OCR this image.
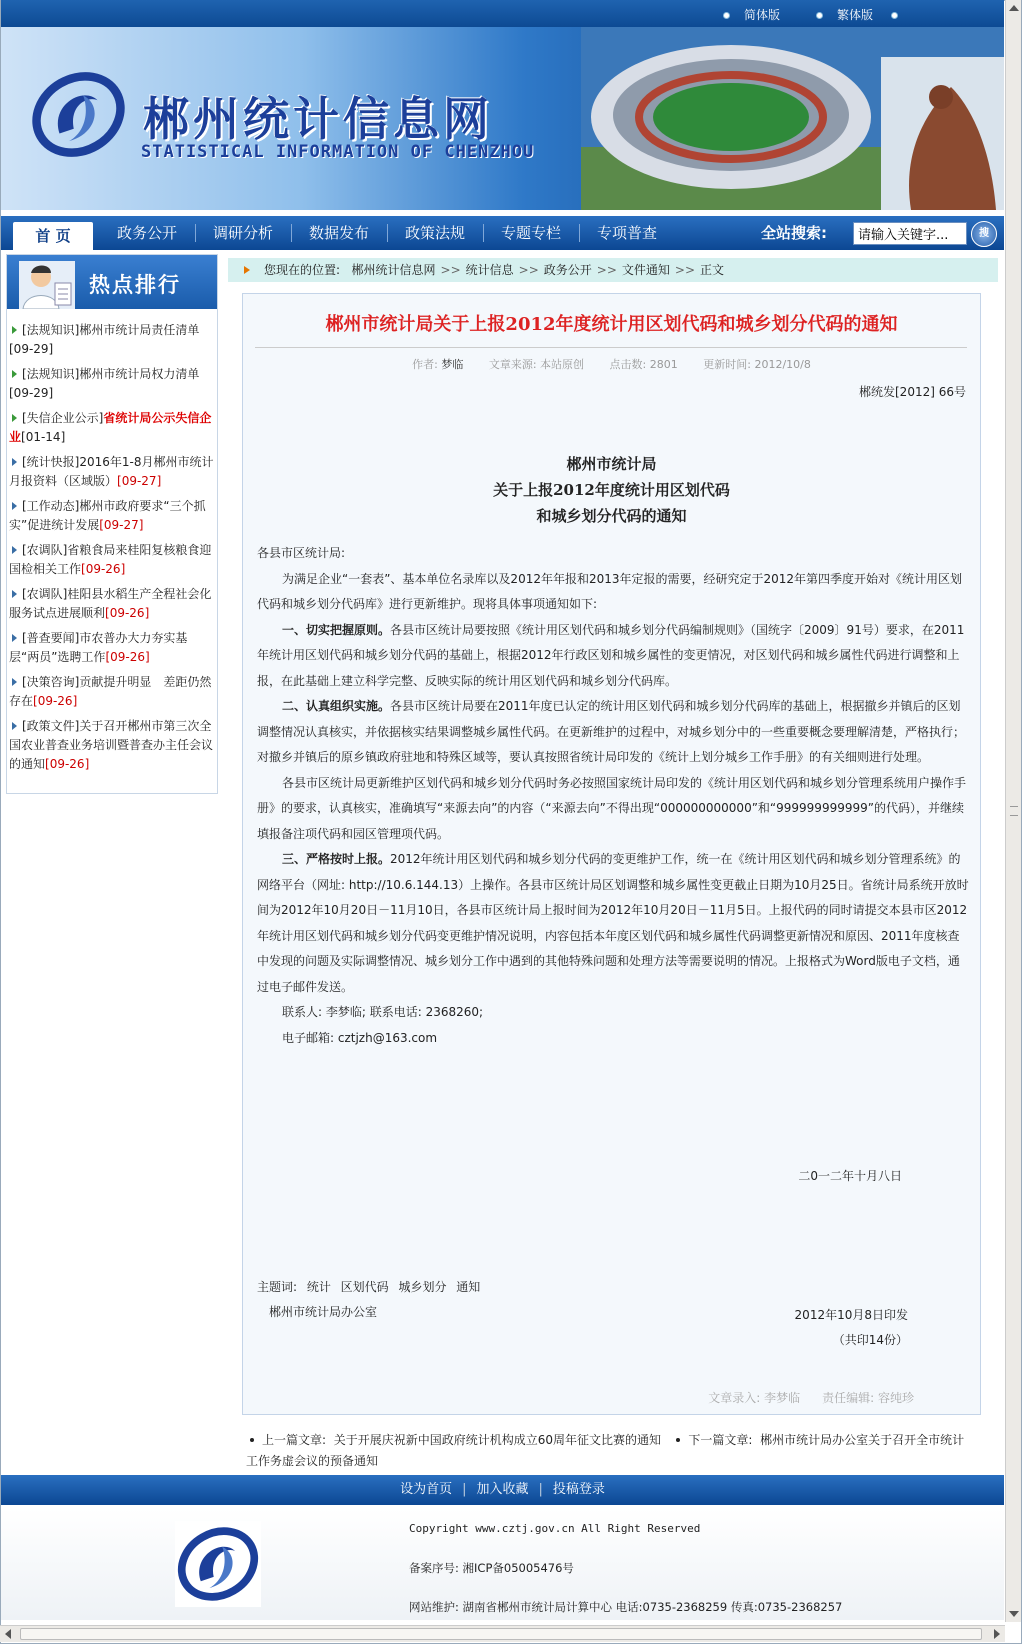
简体版	繁体版
郴州统计信息网
STATISTICAL INFORMATION OF CHENZHOU
首 页	政务公开	调研分析	数据发布	政策法规	专题专栏	专项普查	全站搜索:
请输入关键字...	搜
热点排行
[法规知识]郴州市统计局责任清单[09-29]
[法规知识]郴州市统计局权力清单[09-29]
[失信企业公示]省统计局公示失信企业[01-14]
[统计快报]2016年1-8月郴州市统计月报资料（区域版）[09-27]
[工作动态]郴州市政府要求“三个抓实”促进统计发展[09-27]
[农调队]省粮食局来桂阳复核粮食迎国检相关工作[09-26]
[农调队]桂阳县水稻生产全程社会化服务试点进展顺利[09-26]
[普查要闻]市农普办大力夯实基层“两员”选聘工作[09-26]
[决策咨询]贡献提升明显　差距仍然存在[09-26]
[政策文件]关于召开郴州市第三次全国农业普查业务培训暨普查办主任会议的通知[09-26]
您现在的位置: 郴州统计信息网 >> 统计信息 >> 政务公开 >> 文件通知 >> 正文
郴州市统计局关于上报2012年度统计用区划代码和城乡划分代码的通知
作者: 梦临 文章来源: 本站原创 点击数: 2801 更新时间: 2012/10/8
郴统发[2012] 66号
郴州市统计局
关于上报2012年度统计用区划代码
和城乡划分代码的通知

各县市区统计局:

为满足企业“一套表”、基本单位名录库以及2012年年报和2013年定报的需要，经研究定于2012年第四季度开始对《统计用区划代码和城乡划分代码库》进行更新维护。现将具体事项通知如下:

一、切实把握原则。各县市区统计局要按照《统计用区划代码和城乡划分代码编制规则》（国统字〔2009〕91号）要求，在2011年统计用区划代码和城乡划分代码的基础上，根据2012年行政区划和城乡属性的变更情况，对区划代码和城乡属性代码进行调整和上报，在此基础上建立科学完整、反映实际的统计用区划代码和城乡划分代码库。

二、认真组织实施。各县市区统计局要在2011年度已认定的统计用区划代码和城乡划分代码库的基础上，根据撤乡并镇后的区划调整情况认真核实，并依据核实结果调整城乡属性代码。在更新维护的过程中，对城乡划分中的一些重要概念要理解清楚，严格执行；对撤乡并镇后的原乡镇政府驻地和特殊区域等，要认真按照省统计局印发的《统计上划分城乡工作手册》的有关细则进行处理。

各县市区统计局更新维护区划代码和城乡划分代码时务必按照国家统计局印发的《统计用区划代码和城乡划分管理系统用户操作手册》的要求，认真核实，准确填写“来源去向”的内容（“来源去向”不得出现“000000000000”和“999999999999”的代码），并继续填报备注项代码和园区管理项代码。

三、严格按时上报。2012年统计用区划代码和城乡划分代码的变更维护工作，统一在《统计用区划代码和城乡划分管理系统》的网络平台（网址: http://10.6.144.13）上操作。各县市区统计局区划调整和城乡属性变更截止日期为10月25日。省统计局系统开放时间为2012年10月20日－11月10日，各县市区统计局上报时间为2012年10月20日－11月5日。上报代码的同时请提交本县市区2012年统计用区划代码和城乡划分代码变更维护情况说明，内容包括本年度区划代码和城乡属性代码调整更新情况和原因、2011年度核查中发现的问题及实际调整情况、城乡划分工作中遇到的其他特殊问题和处理方法等需要说明的情况。上报格式为Word版电子文档，通过电子邮件发送。

联系人: 李梦临; 联系电话: 2368260;

电子邮箱: cztjzh@163.com

二0一二年十月八日
主题词: 统计 区划代码 城乡划分 通知
郴州市统计局办公室	2012年10月8日印发
（共印14份）
文章录入: 李梦临 责任编辑: 容纯珍
上一篇文章: 关于开展庆祝新中国政府统计机构成立60周年征文比赛的通知 下一篇文章: 郴州市统计局办公室关于召开全市统计工作务虚会议的预备通知
设为首页 | 加入收藏 | 投稿登录
Copyright www.cztj.gov.cn All Right Reserved
备案序号: 湘ICP备05005476号
网站维护: 湖南省郴州市统计局计算中心 电话:0735-2368259 传真:0735-2368257
